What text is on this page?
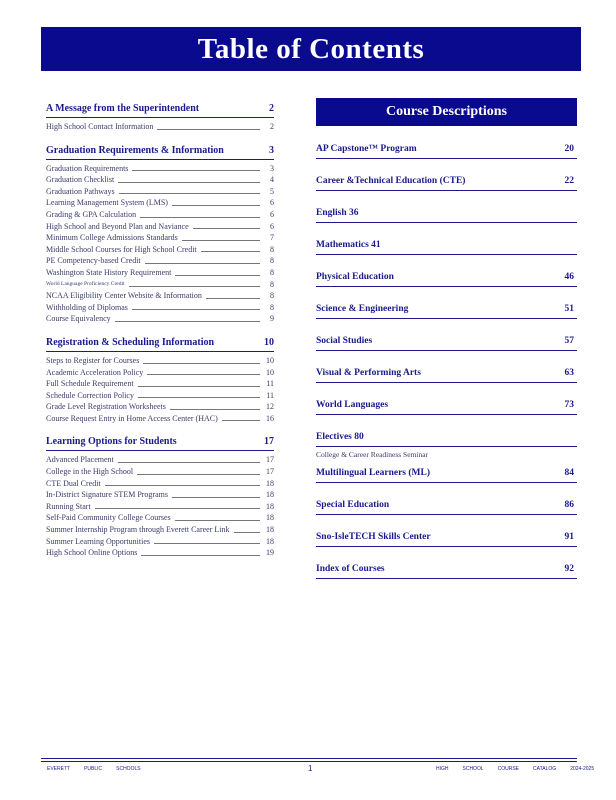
Table of Contents
A Message from the Superintendent	2
High School Contact Information	2
Graduation Requirements & Information	3
Graduation Requirements	3
Graduation Checklist	4
Graduation Pathways	5
Learning Management System (LMS)	6
Grading & GPA Calculation	6
High School and Beyond Plan and Naviance	6
Minimum College Admissions Standards	7
Middle School Courses for High School Credit	8
PE Competency-based Credit	8
Washington State History Requirement	8
World Language Proficiency Credit	8
NCAA Eligibility Center Website & Information	8
Withholding of Diplomas	8
Course Equivalency	9
Registration & Scheduling Information	10
Steps to Register for Courses	10
Academic Acceleration Policy	10
Full Schedule Requirement	11
Schedule Correction Policy	11
Grade Level Registration Worksheets	12
Course Request Entry in Home Access Center (HAC)	16
Learning Options for Students	17
Advanced Placement	17
College in the High School	17
CTE Dual Credit	18
In-District Signature STEM Programs	18
Running Start	18
Self-Paid Community College Courses	18
Summer Internship Program through Everett Career Link	18
Summer Learning Opportunities	18
High School Online Options	19
Course Descriptions
AP Capstone™ Program	20
Career &Technical Education (CTE)	22
English 36
Mathematics 41
Physical Education	46
Science & Engineering	51
Social Studies	57
Visual & Performing Arts	63
World Languages	73
Electives 80
College & Career Readiness Seminar
Multilingual Learners (ML)	84
Special Education	86
Sno-IsleTECH Skills Center	91
Index of Courses	92
EVERETT	PUBLIC	SCHOOLS	1	HIGH	SCHOOL	COURSE	CATALOG	2024-2025
